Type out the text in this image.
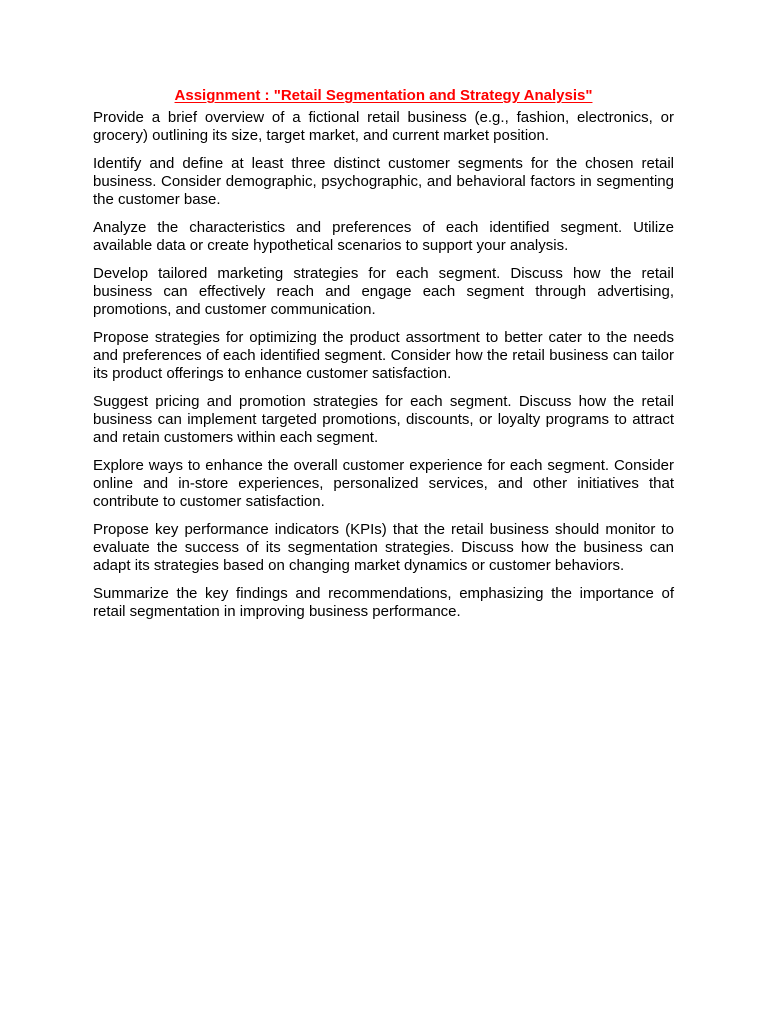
Assignment : "Retail Segmentation and Strategy Analysis"

Provide a brief overview of a fictional retail business (e.g., fashion, electronics, or grocery) outlining its size, target market, and current market position.

Identify and define at least three distinct customer segments for the chosen retail business. Consider demographic, psychographic, and behavioral factors in segmenting the customer base.

Analyze the characteristics and preferences of each identified segment. Utilize available data or create hypothetical scenarios to support your analysis.

Develop tailored marketing strategies for each segment. Discuss how the retail business can effectively reach and engage each segment through advertising, promotions, and customer communication.

Propose strategies for optimizing the product assortment to better cater to the needs and preferences of each identified segment. Consider how the retail business can tailor its product offerings to enhance customer satisfaction.

Suggest pricing and promotion strategies for each segment. Discuss how the retail business can implement targeted promotions, discounts, or loyalty programs to attract and retain customers within each segment.

Explore ways to enhance the overall customer experience for each segment. Consider online and in-store experiences, personalized services, and other initiatives that contribute to customer satisfaction.

Propose key performance indicators (KPIs) that the retail business should monitor to evaluate the success of its segmentation strategies. Discuss how the business can adapt its strategies based on changing market dynamics or customer behaviors.

Summarize the key findings and recommendations, emphasizing the importance of retail segmentation in improving business performance.
